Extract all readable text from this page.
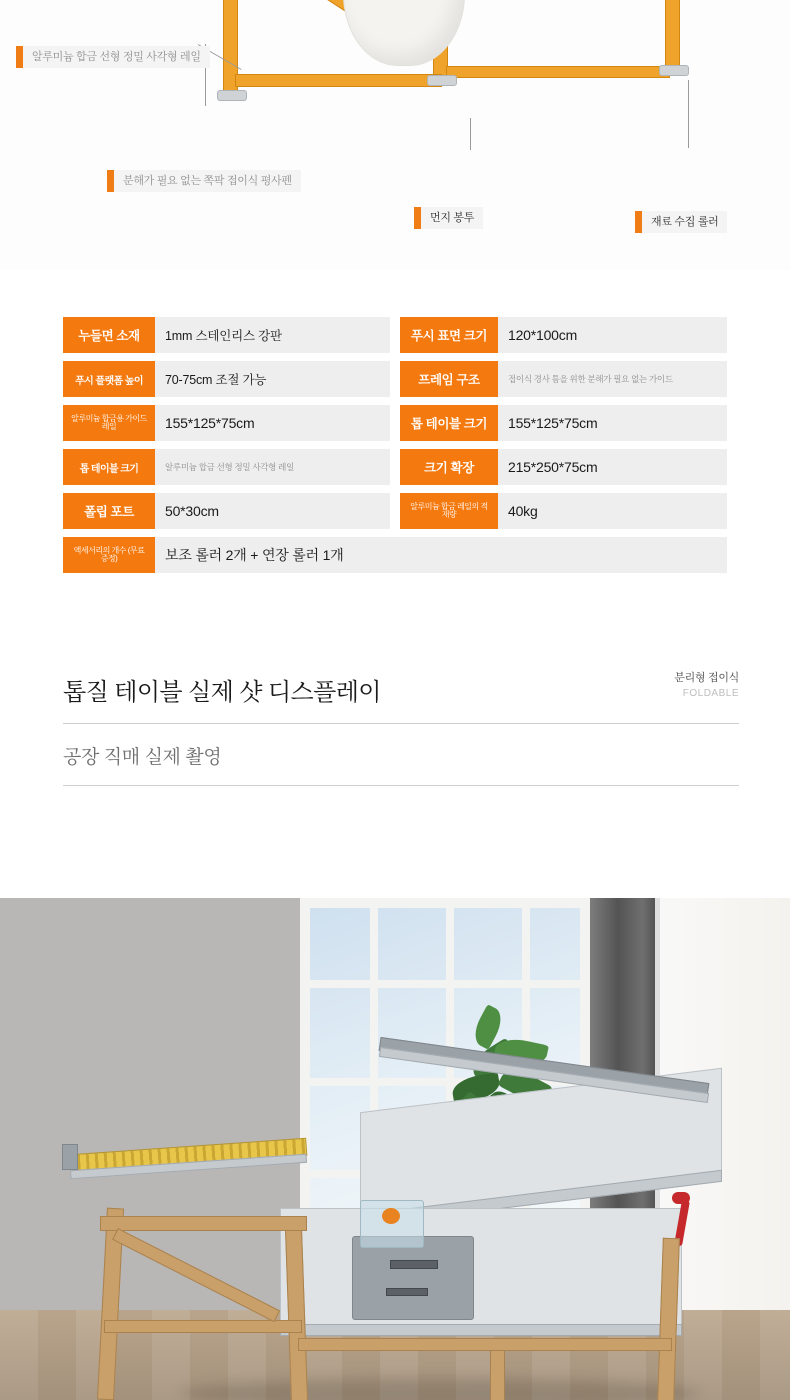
알루미늄 합금 선형 정밀 사각형 레일
분해가 필요 없는 쪽팍 접이식 평사펜
먼지 봉투	재료 수집 롤러
누들면 소재	1mm 스테인리스 강판	푸시 표면 크기	120*100cm
푸시 플랫폼 높이	70-75cm 조절 가능	프레임 구조	접이식 경사 틈을 위한 분해가 필요 없는 가이드
알루미늄 합금용 가이드 레일	155*125*75cm	톱 테이블 크기	155*125*75cm
톱 테이블 크기	알루미늄 합금 선형 정밀 사각형 레일	크기 확장	215*250*75cm
폴립 포트	50*30cm	알루미늄 합금 레일의 적재량	40kg
액세서리의 개수 (무료 증정)	보조 롤러 2개 + 연장 롤러 1개
톱질 테이블 실제 샷 디스플레이
분리형 접이식
FOLDABLE
공장 직매 실제 촬영
